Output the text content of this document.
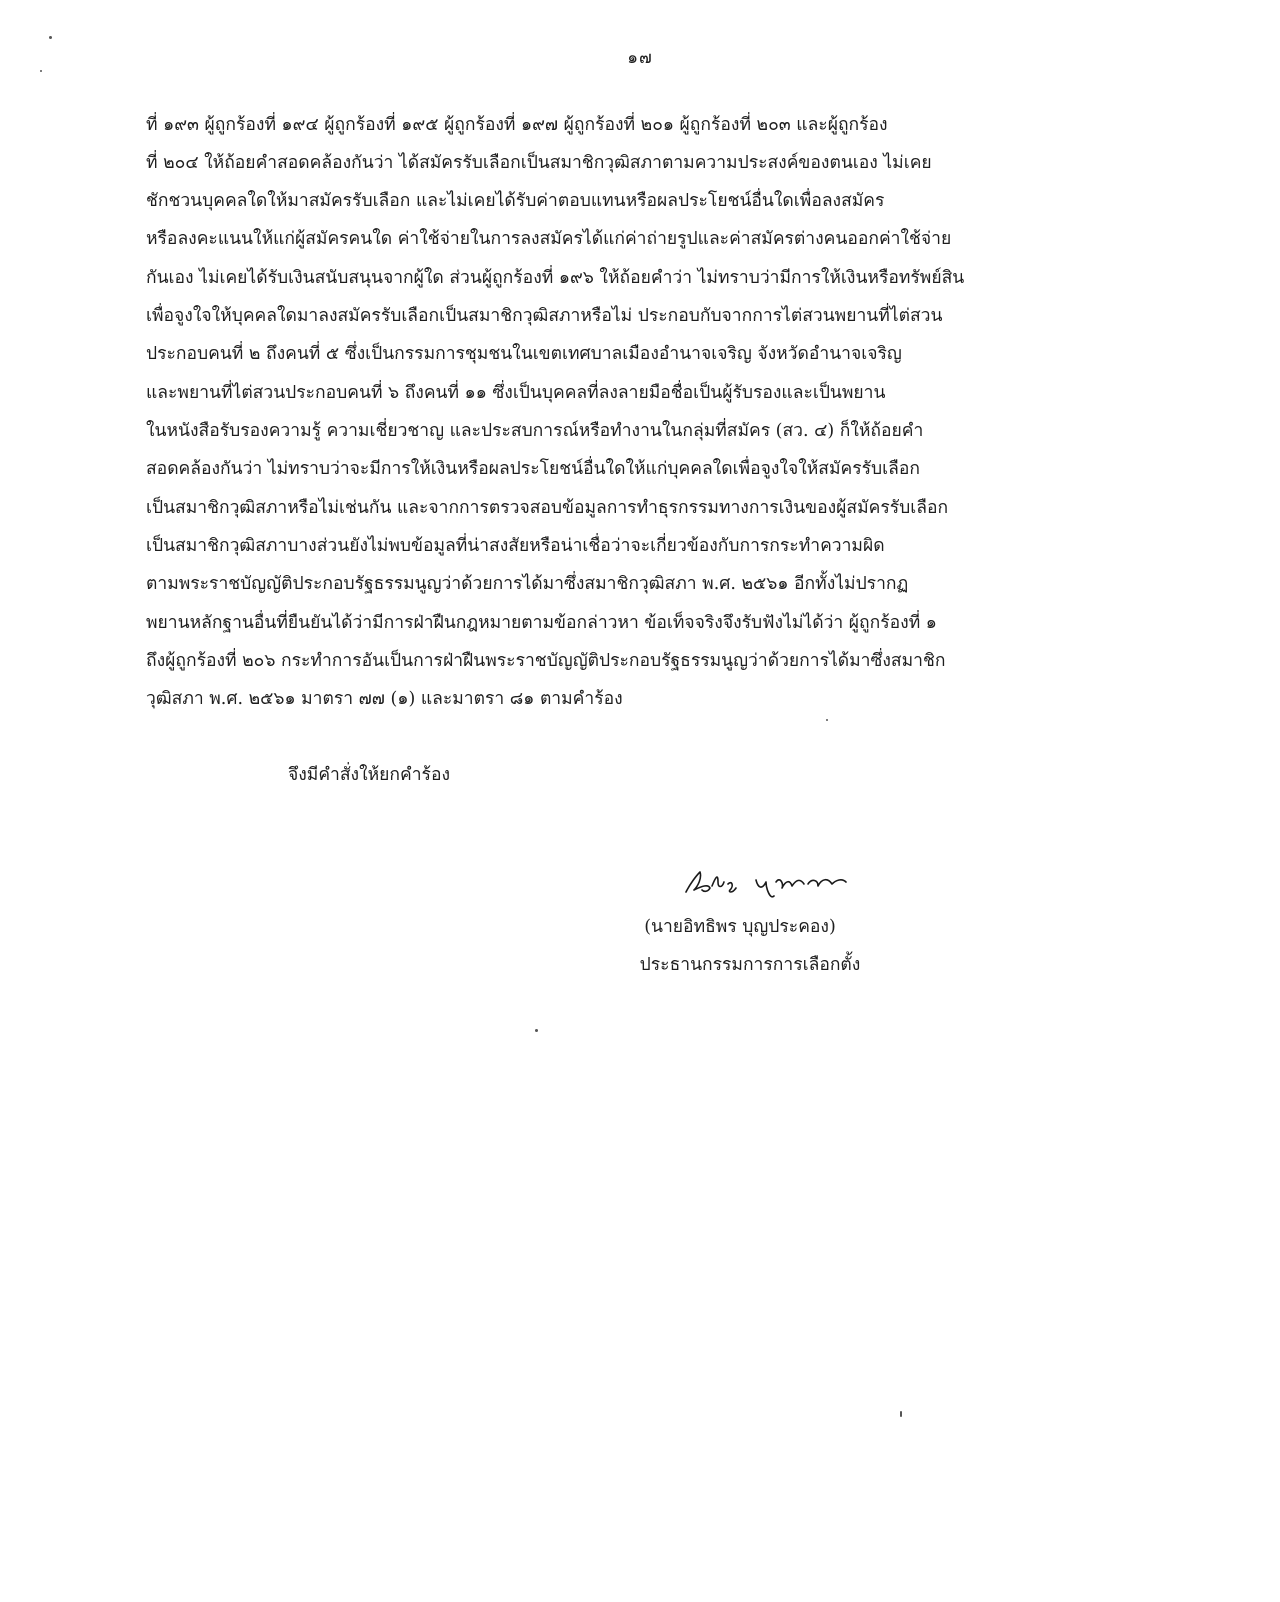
๑๗
ที่ ๑๙๓ ผู้ถูกร้องที่ ๑๙๔ ผู้ถูกร้องที่ ๑๙๕ ผู้ถูกร้องที่ ๑๙๗ ผู้ถูกร้องที่ ๒๐๑ ผู้ถูกร้องที่ ๒๐๓ และผู้ถูกร้อง
ที่ ๒๐๔ ให้ถ้อยคำสอดคล้องกันว่า ได้สมัครรับเลือกเป็นสมาชิกวุฒิสภาตามความประสงค์ของตนเอง ไม่เคย
ชักชวนบุคคลใดให้มาสมัครรับเลือก และไม่เคยได้รับค่าตอบแทนหรือผลประโยชน์อื่นใดเพื่อลงสมัคร
หรือลงคะแนนให้แก่ผู้สมัครคนใด ค่าใช้จ่ายในการลงสมัครได้แก่ค่าถ่ายรูปและค่าสมัครต่างคนออกค่าใช้จ่าย
กันเอง ไม่เคยได้รับเงินสนับสนุนจากผู้ใด ส่วนผู้ถูกร้องที่ ๑๙๖ ให้ถ้อยคำว่า ไม่ทราบว่ามีการให้เงินหรือทรัพย์สิน
เพื่อจูงใจให้บุคคลใดมาลงสมัครรับเลือกเป็นสมาชิกวุฒิสภาหรือไม่ ประกอบกับจากการไต่สวนพยานที่ไต่สวน
ประกอบคนที่ ๒ ถึงคนที่ ๕ ซึ่งเป็นกรรมการชุมชนในเขตเทศบาลเมืองอำนาจเจริญ จังหวัดอำนาจเจริญ
และพยานที่ไต่สวนประกอบคนที่ ๖ ถึงคนที่ ๑๑ ซึ่งเป็นบุคคลที่ลงลายมือชื่อเป็นผู้รับรองและเป็นพยาน
ในหนังสือรับรองความรู้ ความเชี่ยวชาญ และประสบการณ์หรือทำงานในกลุ่มที่สมัคร (สว. ๔) ก็ให้ถ้อยคำ
สอดคล้องกันว่า ไม่ทราบว่าจะมีการให้เงินหรือผลประโยชน์อื่นใดให้แก่บุคคลใดเพื่อจูงใจให้สมัครรับเลือก
เป็นสมาชิกวุฒิสภาหรือไม่เช่นกัน และจากการตรวจสอบข้อมูลการทำธุรกรรมทางการเงินของผู้สมัครรับเลือก
เป็นสมาชิกวุฒิสภาบางส่วนยังไม่พบข้อมูลที่น่าสงสัยหรือน่าเชื่อว่าจะเกี่ยวข้องกับการกระทำความผิด
ตามพระราชบัญญัติประกอบรัฐธรรมนูญว่าด้วยการได้มาซึ่งสมาชิกวุฒิสภา พ.ศ. ๒๕๖๑ อีกทั้งไม่ปรากฏ
พยานหลักฐานอื่นที่ยืนยันได้ว่ามีการฝ่าฝืนกฎหมายตามข้อกล่าวหา ข้อเท็จจริงจึงรับฟังไม่ได้ว่า ผู้ถูกร้องที่ ๑
ถึงผู้ถูกร้องที่ ๒๐๖ กระทำการอันเป็นการฝ่าฝืนพระราชบัญญัติประกอบรัฐธรรมนูญว่าด้วยการได้มาซึ่งสมาชิก
วุฒิสภา พ.ศ. ๒๕๖๑ มาตรา ๗๗ (๑) และมาตรา ๘๑ ตามคำร้อง
จึงมีคำสั่งให้ยกคำร้อง
(นายอิทธิพร บุญประคอง)
ประธานกรรมการการเลือกตั้ง
